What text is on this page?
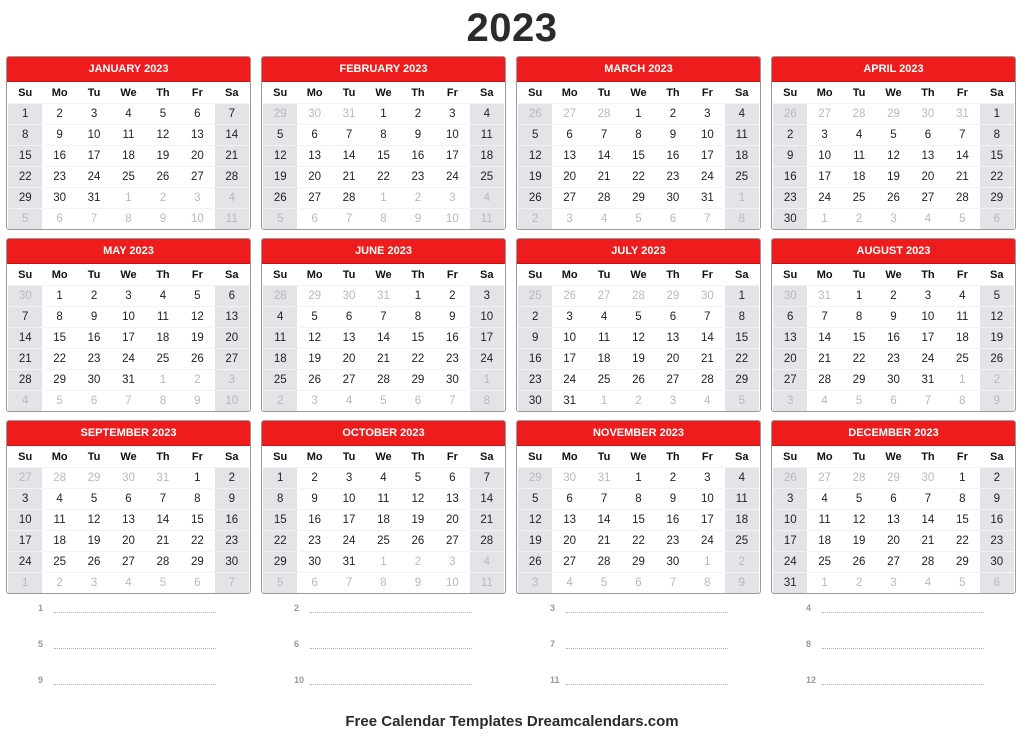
2023
JANUARY 2023
Su	Mo	Tu	We	Th	Fr	Sa
1	2	3	4	5	6	7
8	9	10	11	12	13	14
15	16	17	18	19	20	21
22	23	24	25	26	27	28
29	30	31	1	2	3	4
5	6	7	8	9	10	11
FEBRUARY 2023
Su	Mo	Tu	We	Th	Fr	Sa
29	30	31	1	2	3	4
5	6	7	8	9	10	11
12	13	14	15	16	17	18
19	20	21	22	23	24	25
26	27	28	1	2	3	4
5	6	7	8	9	10	11
MARCH 2023
Su	Mo	Tu	We	Th	Fr	Sa
26	27	28	1	2	3	4
5	6	7	8	9	10	11
12	13	14	15	16	17	18
19	20	21	22	23	24	25
26	27	28	29	30	31	1
2	3	4	5	6	7	8
APRIL 2023
Su	Mo	Tu	We	Th	Fr	Sa
26	27	28	29	30	31	1
2	3	4	5	6	7	8
9	10	11	12	13	14	15
16	17	18	19	20	21	22
23	24	25	26	27	28	29
30	1	2	3	4	5	6
MAY 2023
Su	Mo	Tu	We	Th	Fr	Sa
30	1	2	3	4	5	6
7	8	9	10	11	12	13
14	15	16	17	18	19	20
21	22	23	24	25	26	27
28	29	30	31	1	2	3
4	5	6	7	8	9	10
JUNE 2023
Su	Mo	Tu	We	Th	Fr	Sa
28	29	30	31	1	2	3
4	5	6	7	8	9	10
11	12	13	14	15	16	17
18	19	20	21	22	23	24
25	26	27	28	29	30	1
2	3	4	5	6	7	8
JULY 2023
Su	Mo	Tu	We	Th	Fr	Sa
25	26	27	28	29	30	1
2	3	4	5	6	7	8
9	10	11	12	13	14	15
16	17	18	19	20	21	22
23	24	25	26	27	28	29
30	31	1	2	3	4	5
AUGUST 2023
Su	Mo	Tu	We	Th	Fr	Sa
30	31	1	2	3	4	5
6	7	8	9	10	11	12
13	14	15	16	17	18	19
20	21	22	23	24	25	26
27	28	29	30	31	1	2
3	4	5	6	7	8	9
SEPTEMBER 2023
Su	Mo	Tu	We	Th	Fr	Sa
27	28	29	30	31	1	2
3	4	5	6	7	8	9
10	11	12	13	14	15	16
17	18	19	20	21	22	23
24	25	26	27	28	29	30
1	2	3	4	5	6	7
OCTOBER 2023
Su	Mo	Tu	We	Th	Fr	Sa
1	2	3	4	5	6	7
8	9	10	11	12	13	14
15	16	17	18	19	20	21
22	23	24	25	26	27	28
29	30	31	1	2	3	4
5	6	7	8	9	10	11
NOVEMBER 2023
Su	Mo	Tu	We	Th	Fr	Sa
29	30	31	1	2	3	4
5	6	7	8	9	10	11
12	13	14	15	16	17	18
19	20	21	22	23	24	25
26	27	28	29	30	1	2
3	4	5	6	7	8	9
DECEMBER 2023
Su	Mo	Tu	We	Th	Fr	Sa
26	27	28	29	30	1	2
3	4	5	6	7	8	9
10	11	12	13	14	15	16
17	18	19	20	21	22	23
24	25	26	27	28	29	30
31	1	2	3	4	5	6
1	2	3	4
5	6	7	8
9	10	11	12
Free Calendar Templates Dreamcalendars.com
